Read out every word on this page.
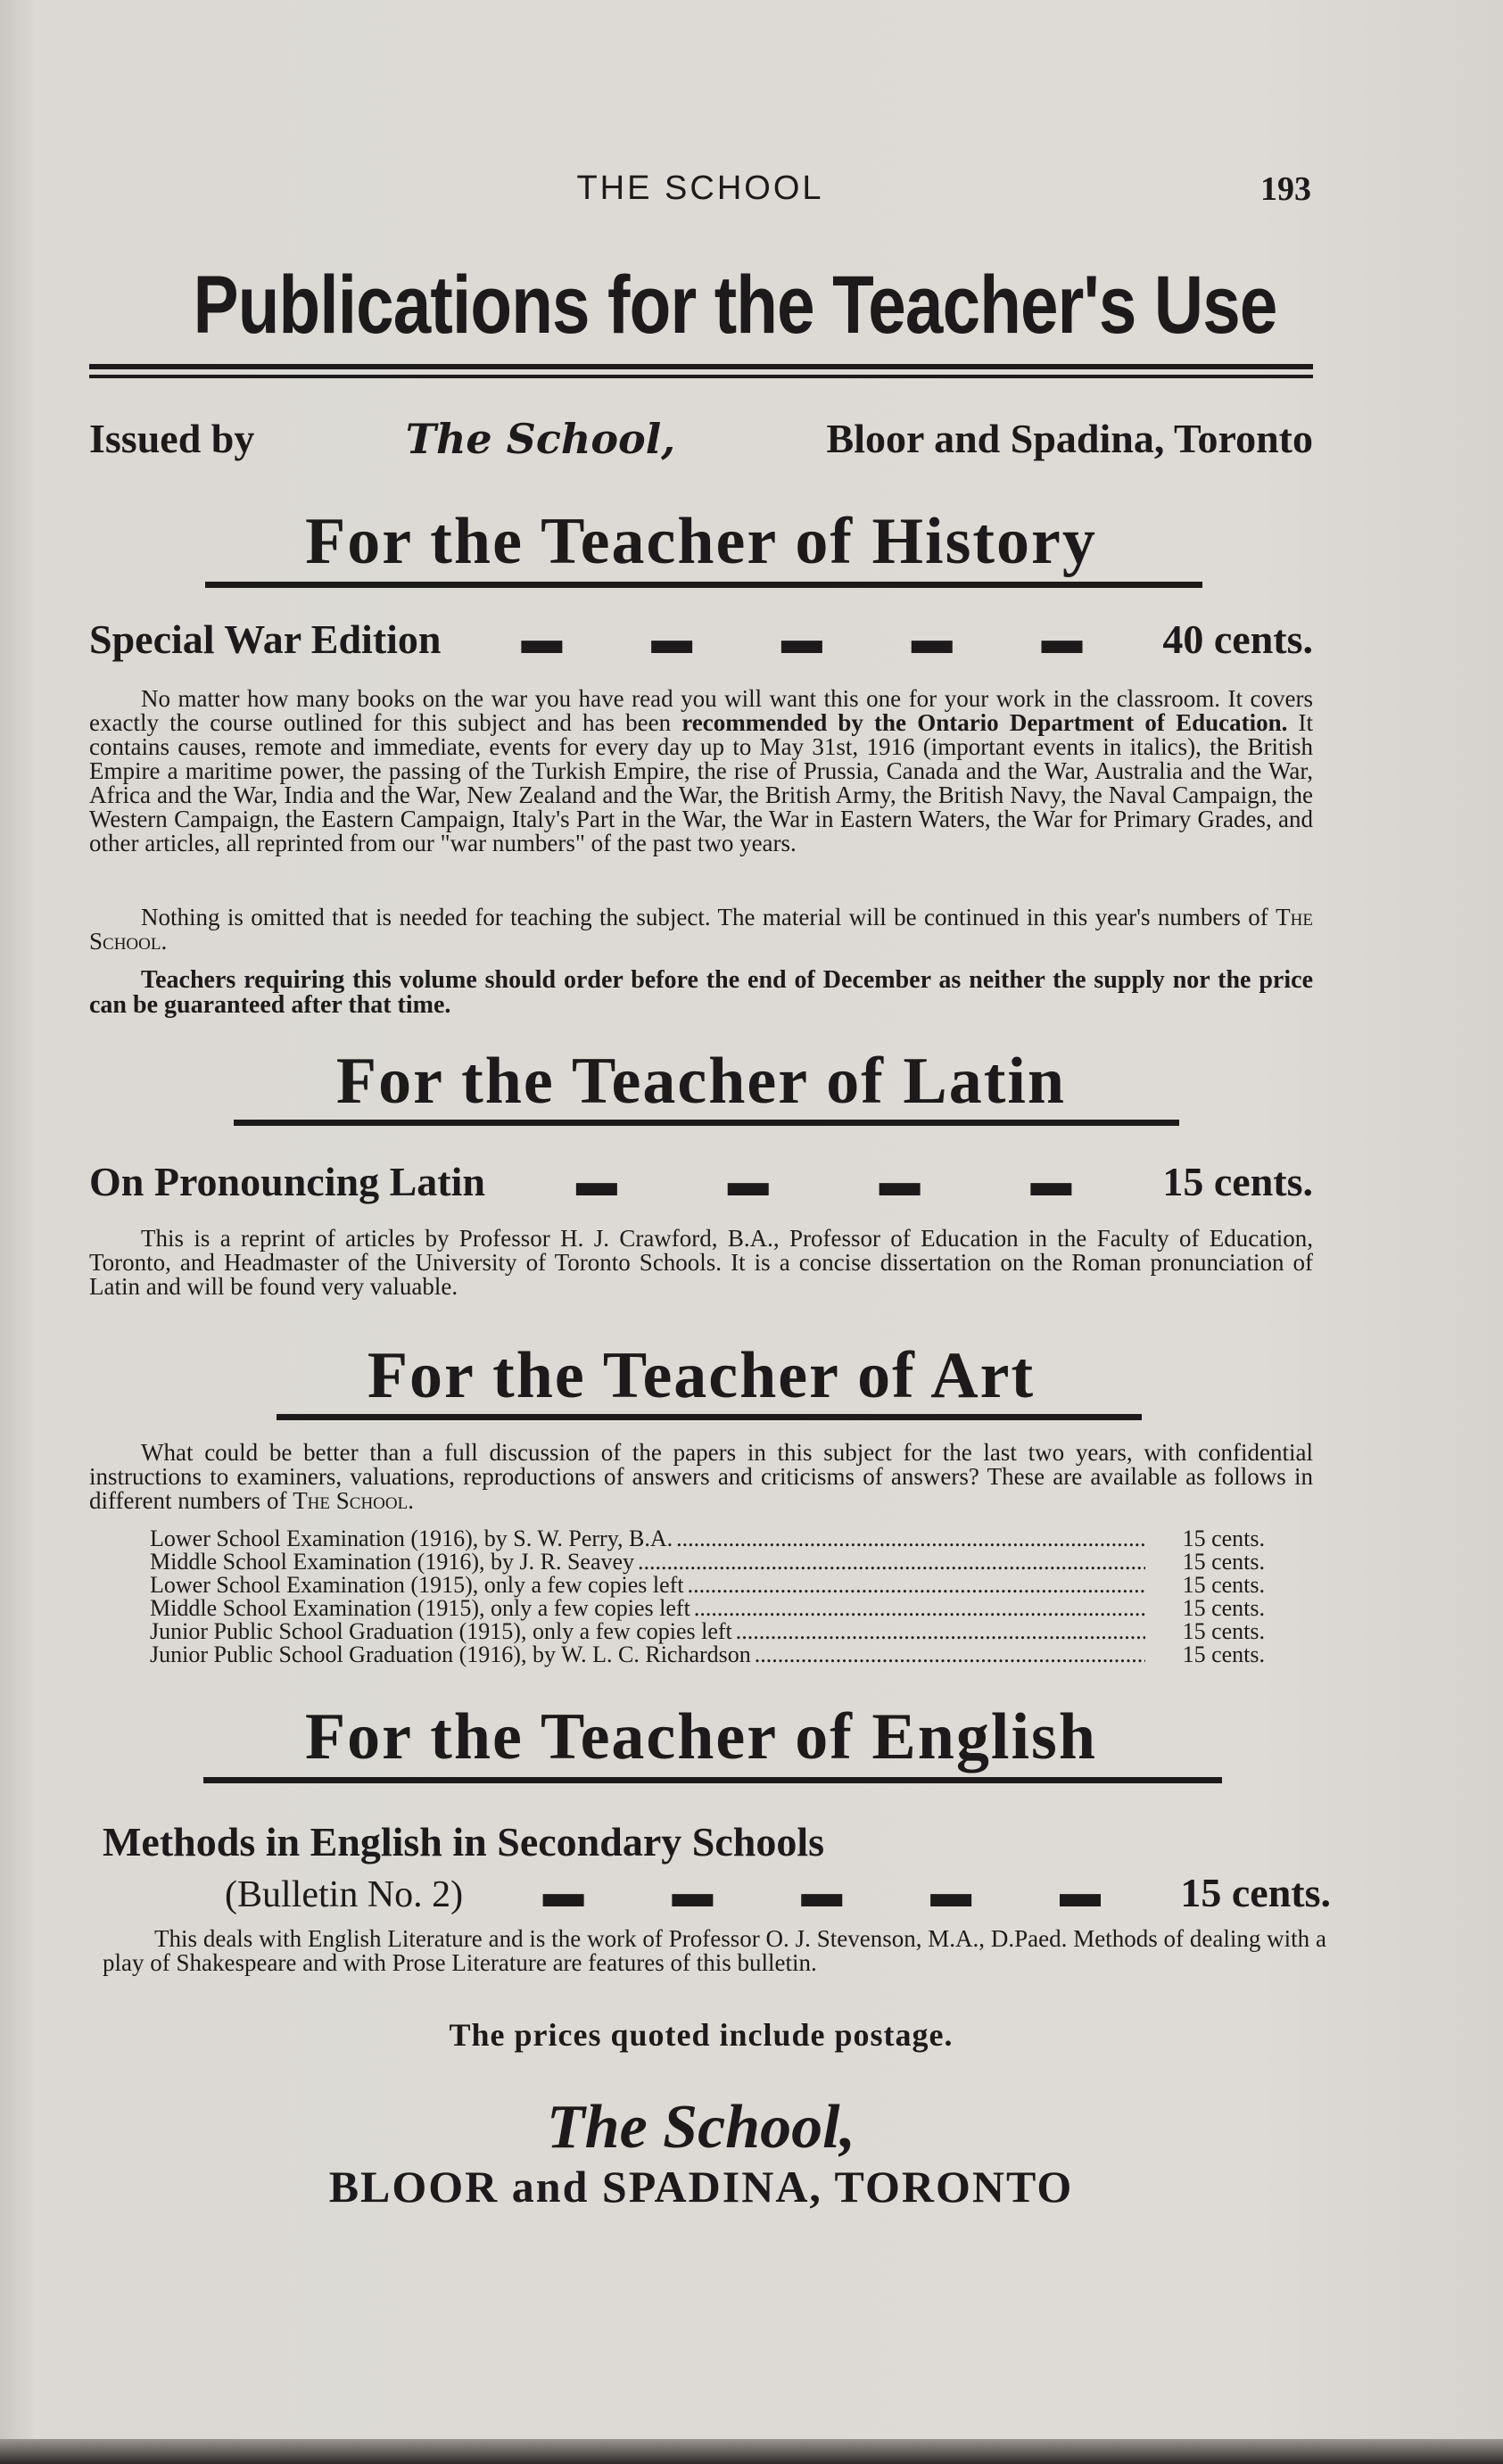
THE SCHOOL	193
Publications for the Teacher's Use
Issued by	The School,	Bloor and Spadina, Toronto
For the Teacher of History
Special War Edition ▬ ▬ ▬ ▬ ▬ 40 cents.
No matter how many books on the war you have read you will want this one for your work in the classroom. It covers exactly the course outlined for this subject and has been recommended by the Ontario Department of Education. It contains causes, remote and immediate, events for every day up to May 31st, 1916 (important events in italics), the British Empire a maritime power, the passing of the Turkish Empire, the rise of Prussia, Canada and the War, Australia and the War, Africa and the War, India and the War, New Zealand and the War, the British Army, the British Navy, the Naval Campaign, the Western Campaign, the Eastern Campaign, Italy's Part in the War, the War in Eastern Waters, the War for Primary Grades, and other articles, all reprinted from our "war numbers" of the past two years.
Nothing is omitted that is needed for teaching the subject. The material will be continued in this year's numbers of The School.
Teachers requiring this volume should order before the end of December as neither the supply nor the price can be guaranteed after that time.
For the Teacher of Latin
On Pronouncing Latin ▬	▬	▬	▬ 15 cents.
This is a reprint of articles by Professor H. J. Crawford, B.A., Professor of Education in the Faculty of Education, Toronto, and Headmaster of the University of Toronto Schools. It is a concise dissertation on the Roman pronunciation of Latin and will be found very valuable.
For the Teacher of Art
What could be better than a full discussion of the papers in this subject for the last two years, with confidential instructions to examiners, valuations, reproductions of answers and criticisms of answers? These are available as follows in different numbers of The School.
Lower School Examination (1916), by S. W. Perry, B.A. .....	15 cents.
Middle School Examination (1916), by J. R. Seavey .....	15 cents.
Lower School Examination (1915), only a few copies left .....	15 cents.
Middle School Examination (1915), only a few copies left .....	15 cents.
Junior Public School Graduation (1915), only a few copies left .....	15 cents.
Junior Public School Graduation (1916), by W. L. C. Richardson .....	15 cents.
For the Teacher of English
Methods in English in Secondary Schools
(Bulletin No. 2) ▬ ▬ ▬ ▬ ▬ 15 cents.
This deals with English Literature and is the work of Professor O. J. Stevenson, M.A., D.Paed. Methods of dealing with a play of Shakespeare and with Prose Literature are features of this bulletin.
The prices quoted include postage.
The School,
BLOOR and SPADINA, TORONTO
